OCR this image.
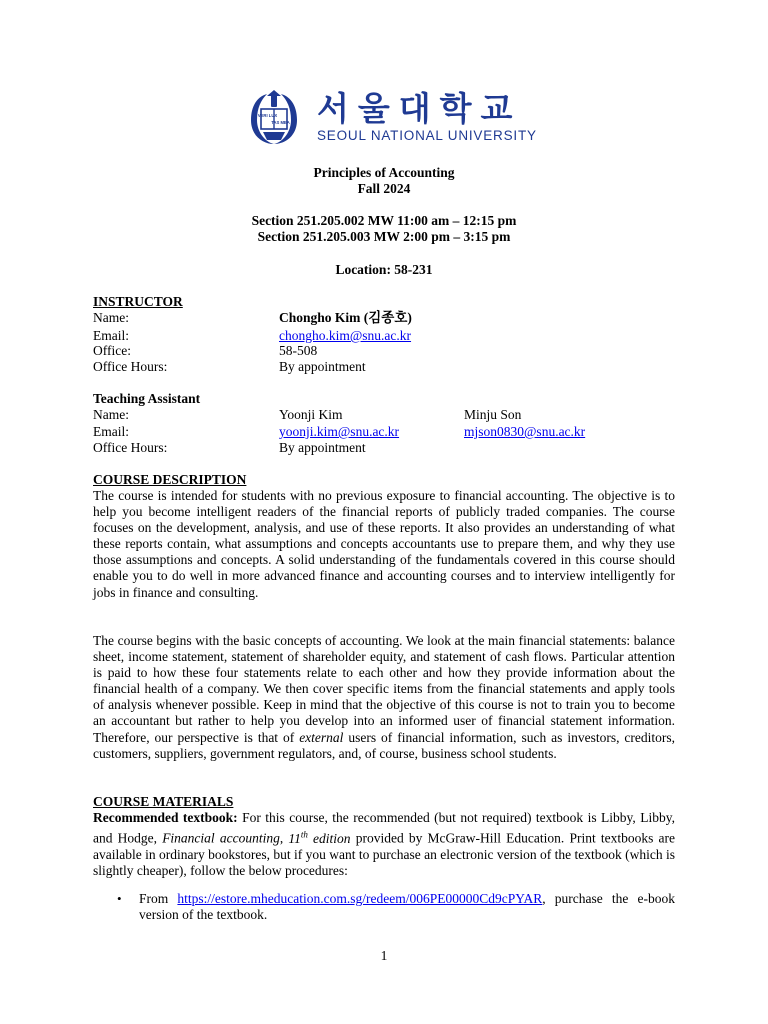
VERI LUX
TAS MEA 서울대학교
SEOUL NATIONAL UNIVERSITY
Principles of Accounting
Fall 2024
Section 251.205.002 MW 11:00 am – 12:15 pm
Section 251.205.003 MW 2:00 pm – 3:15 pm
Location: 58-231
INSTRUCTOR
Name:	Chongho Kim (김종호)
Email:	chongho.kim@snu.ac.kr
Office:	58-508
Office Hours:	By appointment
Teaching Assistant
Name:	Yoonji Kim	Minju Son
Email:	yoonji.kim@snu.ac.kr	mjson0830@snu.ac.kr
Office Hours:	By appointment
COURSE DESCRIPTION
The course is intended for students with no previous exposure to financial accounting. The objective is to help you become intelligent readers of the financial reports of publicly traded companies. The course focuses on the development, analysis, and use of these reports. It also provides an understanding of what these reports contain, what assumptions and concepts accountants use to prepare them, and why they use those assumptions and concepts. A solid understanding of the fundamentals covered in this course should enable you to do well in more advanced finance and accounting courses and to interview intelligently for jobs in finance and consulting.
The course begins with the basic concepts of accounting. We look at the main financial statements: balance sheet, income statement, statement of shareholder equity, and statement of cash flows. Particular attention is paid to how these four statements relate to each other and how they provide information about the financial health of a company. We then cover specific items from the financial statements and apply tools of analysis whenever possible. Keep in mind that the objective of this course is not to train you to become an accountant but rather to help you develop into an informed user of financial statement information. Therefore, our perspective is that of external users of financial information, such as investors, creditors, customers, suppliers, government regulators, and, of course, business school students.
COURSE MATERIALS
Recommended textbook: For this course, the recommended (but not required) textbook is Libby, Libby, and Hodge, Financial accounting, 11th edition provided by McGraw-Hill Education. Print textbooks are available in ordinary bookstores, but if you want to purchase an electronic version of the textbook (which is slightly cheaper), follow the below procedures:
• From https://estore.mheducation.com.sg/redeem/006PE00000Cd9cPYAR, purchase the e-book version of the textbook.
1
